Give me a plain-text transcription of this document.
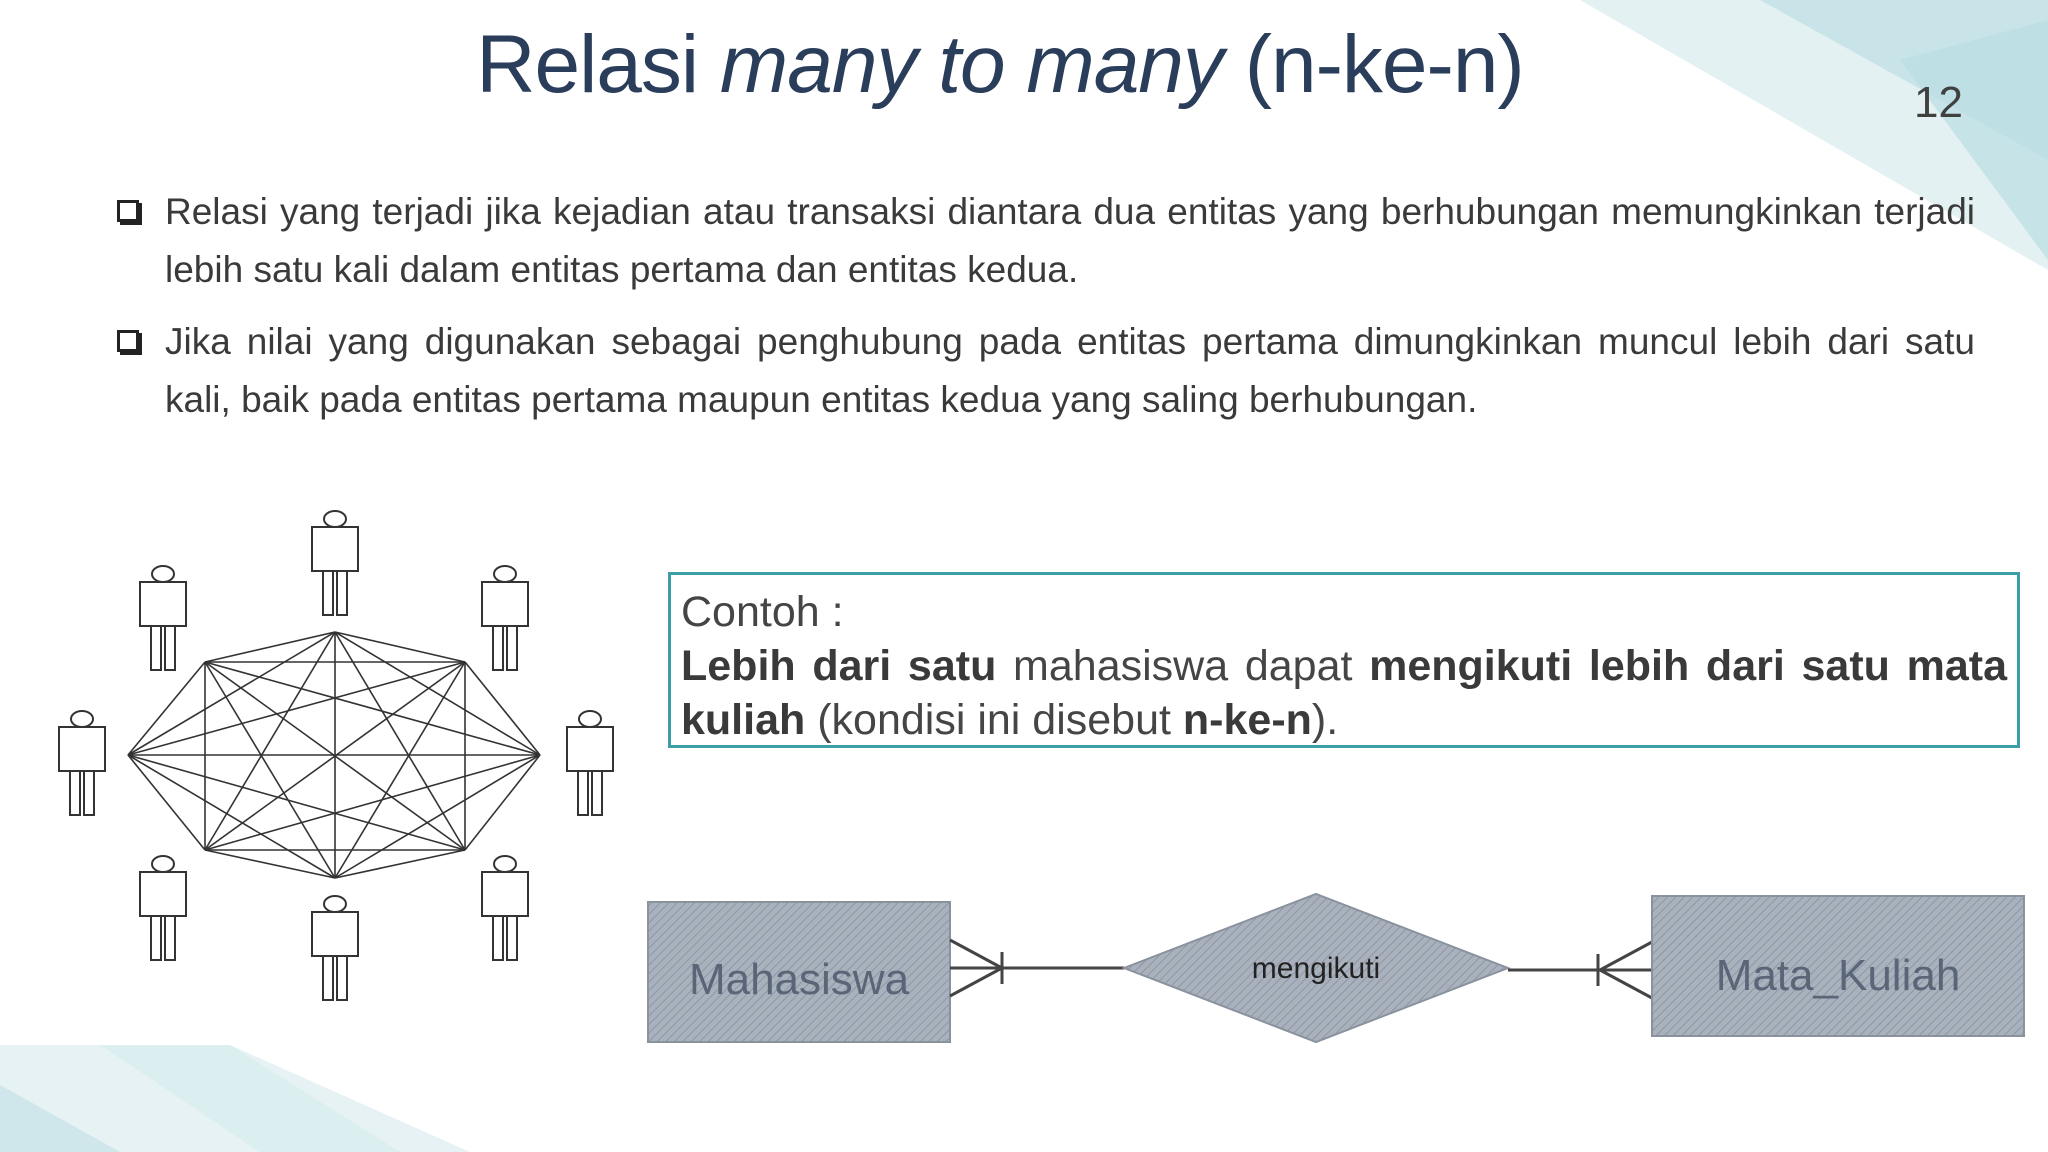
Relasi many to many (n-ke-n)	12
Relasi yang terjadi jika kejadian atau transaksi diantara dua entitas yang berhubungan memungkinkan terjadi lebih satu kali dalam entitas pertama dan entitas kedua.
Jika nilai yang digunakan sebagai penghubung pada entitas pertama dimungkinkan muncul lebih dari satu kali, baik pada entitas pertama maupun entitas kedua yang saling berhubungan.
Contoh :
Lebih dari satu mahasiswa dapat mengikuti lebih dari satu mata kuliah (kondisi ini disebut n-ke-n).
Mahasiswa	mengikuti	Mata_Kuliah
